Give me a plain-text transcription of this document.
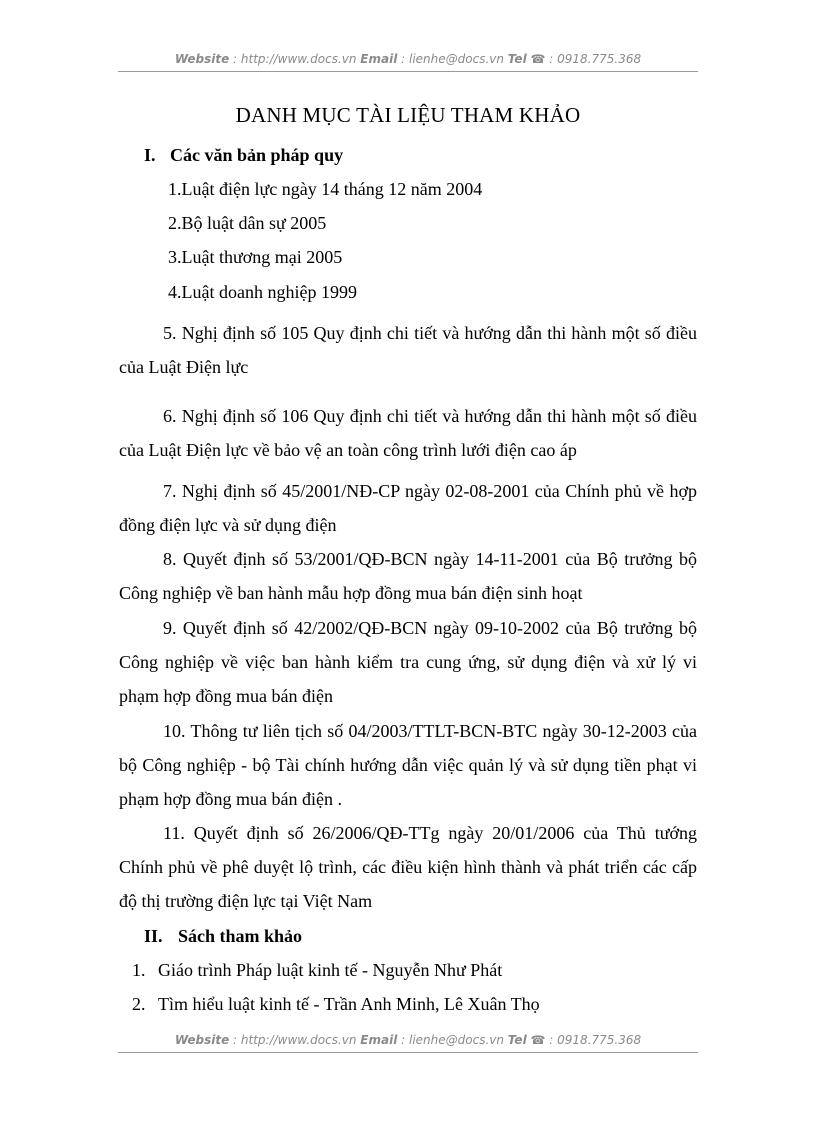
Website : http://www.docs.vn Email : lienhe@docs.vn Tel ☎ : 0918.775.368
DANH MỤC TÀI LIỆU THAM KHẢO
I. Các văn bản pháp quy
1.Luật điện lực ngày 14 tháng 12 năm 2004
2.Bộ luật dân sự 2005
3.Luật thương mại 2005
4.Luật doanh nghiệp 1999
5. Nghị định số 105 Quy định chi tiết và hướng dẫn thi hành một số điều của Luật Điện lực
6. Nghị định số 106 Quy định chi tiết và hướng dẫn thi hành một số điều của Luật Điện lực về bảo vệ an toàn công trình lưới điện cao áp
7. Nghị định số 45/2001/NĐ-CP ngày 02-08-2001 của Chính phủ về hợp đồng điện lực và sử dụng điện
8. Quyết định số 53/2001/QĐ-BCN ngày 14-11-2001 của Bộ trưởng bộ Công nghiệp về ban hành mẫu hợp đồng mua bán điện sinh hoạt
9. Quyết định số 42/2002/QĐ-BCN ngày 09-10-2002 của Bộ trưởng bộ Công nghiệp về việc ban hành kiểm tra cung ứng, sử dụng điện và xử lý vi phạm hợp đồng mua bán điện
10. Thông tư liên tịch số 04/2003/TTLT-BCN-BTC ngày 30-12-2003 của bộ Công nghiệp - bộ Tài chính hướng dẫn việc quản lý và sử dụng tiền phạt vi phạm hợp đồng mua bán điện .
11. Quyết định số 26/2006/QĐ-TTg ngày 20/01/2006 của Thủ tướng Chính phủ về phê duyệt lộ trình, các điều kiện hình thành và phát triển các cấp độ thị trường điện lực tại Việt Nam
II. Sách tham khảo
1. Giáo trình Pháp luật kinh tế - Nguyễn Như Phát
2. Tìm hiểu luật kinh tế - Trần Anh Minh, Lê Xuân Thọ
Website : http://www.docs.vn Email : lienhe@docs.vn Tel ☎ : 0918.775.368
